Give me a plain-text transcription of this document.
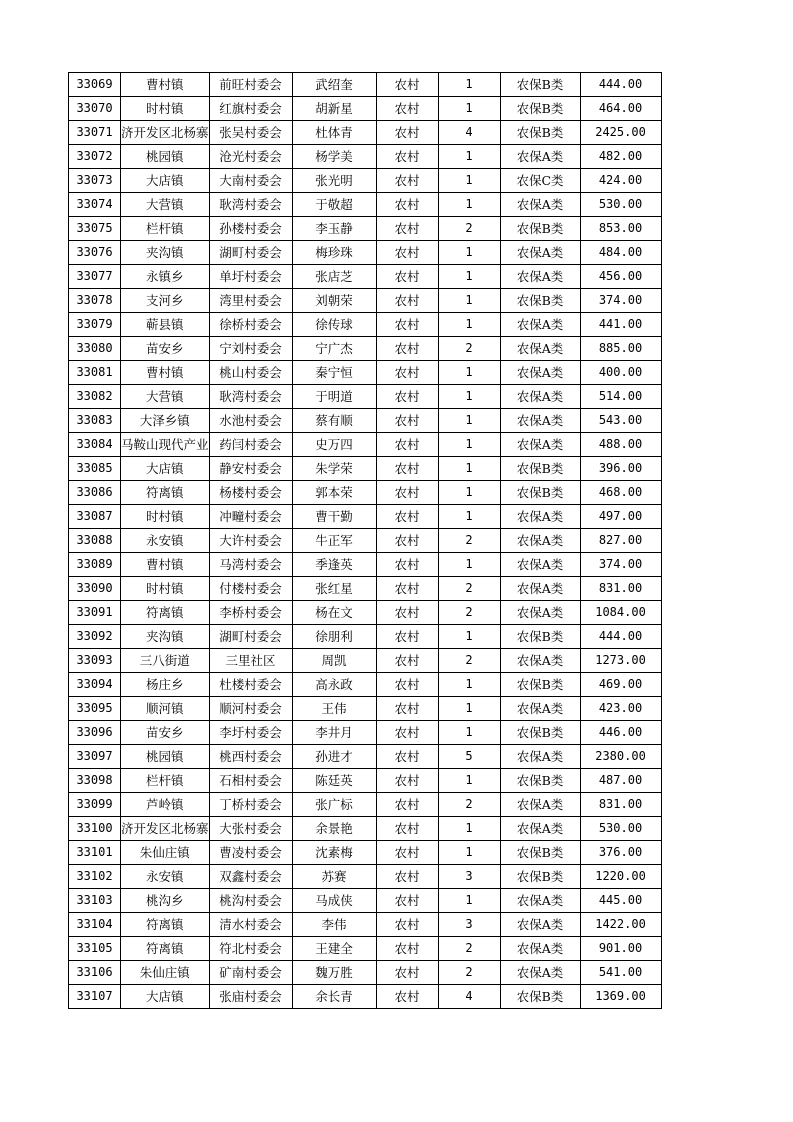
33069	曹村镇	前旺村委会	武绍奎	农村	1	农保B类	444.00
33070	时村镇	红旗村委会	胡新星	农村	1	农保B类	464.00
33071	济开发区北杨寨	张吴村委会	杜体青	农村	4	农保B类	2425.00
33072	桃园镇	沧光村委会	杨学美	农村	1	农保A类	482.00
33073	大店镇	大南村委会	张光明	农村	1	农保C类	424.00
33074	大营镇	耿湾村委会	于敬超	农村	1	农保A类	530.00
33075	栏杆镇	孙楼村委会	李玉静	农村	2	农保B类	853.00
33076	夹沟镇	湖町村委会	梅珍珠	农村	1	农保A类	484.00
33077	永镇乡	单圩村委会	张店芝	农村	1	农保A类	456.00
33078	支河乡	湾里村委会	刘朝荣	农村	1	农保B类	374.00
33079	蕲县镇	徐桥村委会	徐传球	农村	1	农保A类	441.00
33080	苗安乡	宁刘村委会	宁广杰	农村	2	农保A类	885.00
33081	曹村镇	桃山村委会	秦宁恒	农村	1	农保A类	400.00
33082	大营镇	耿湾村委会	于明道	农村	1	农保A类	514.00
33083	大泽乡镇	水池村委会	蔡有顺	农村	1	农保A类	543.00
33084	马鞍山现代产业	药闫村委会	史万四	农村	1	农保A类	488.00
33085	大店镇	静安村委会	朱学荣	农村	1	农保B类	396.00
33086	符离镇	杨楼村委会	郭本荣	农村	1	农保B类	468.00
33087	时村镇	冲疃村委会	曹干勤	农村	1	农保A类	497.00
33088	永安镇	大许村委会	牛正军	农村	2	农保A类	827.00
33089	曹村镇	马湾村委会	季逢英	农村	1	农保A类	374.00
33090	时村镇	付楼村委会	张红星	农村	2	农保A类	831.00
33091	符离镇	李桥村委会	杨在文	农村	2	农保A类	1084.00
33092	夹沟镇	湖町村委会	徐朋利	农村	1	农保B类	444.00
33093	三八街道	三里社区	周凯	农村	2	农保A类	1273.00
33094	杨庄乡	杜楼村委会	高永政	农村	1	农保B类	469.00
33095	顺河镇	顺河村委会	王伟	农村	1	农保A类	423.00
33096	苗安乡	李圩村委会	李井月	农村	1	农保B类	446.00
33097	桃园镇	桃西村委会	孙进才	农村	5	农保A类	2380.00
33098	栏杆镇	石相村委会	陈廷英	农村	1	农保B类	487.00
33099	芦岭镇	丁桥村委会	张广标	农村	2	农保A类	831.00
33100	济开发区北杨寨	大张村委会	余景艳	农村	1	农保A类	530.00
33101	朱仙庄镇	曹凌村委会	沈素梅	农村	1	农保B类	376.00
33102	永安镇	双鑫村委会	苏赛	农村	3	农保B类	1220.00
33103	桃沟乡	桃沟村委会	马成侠	农村	1	农保A类	445.00
33104	符离镇	清水村委会	李伟	农村	3	农保A类	1422.00
33105	符离镇	符北村委会	王建全	农村	2	农保A类	901.00
33106	朱仙庄镇	矿南村委会	魏万胜	农村	2	农保A类	541.00
33107	大店镇	张庙村委会	余长青	农村	4	农保B类	1369.00
